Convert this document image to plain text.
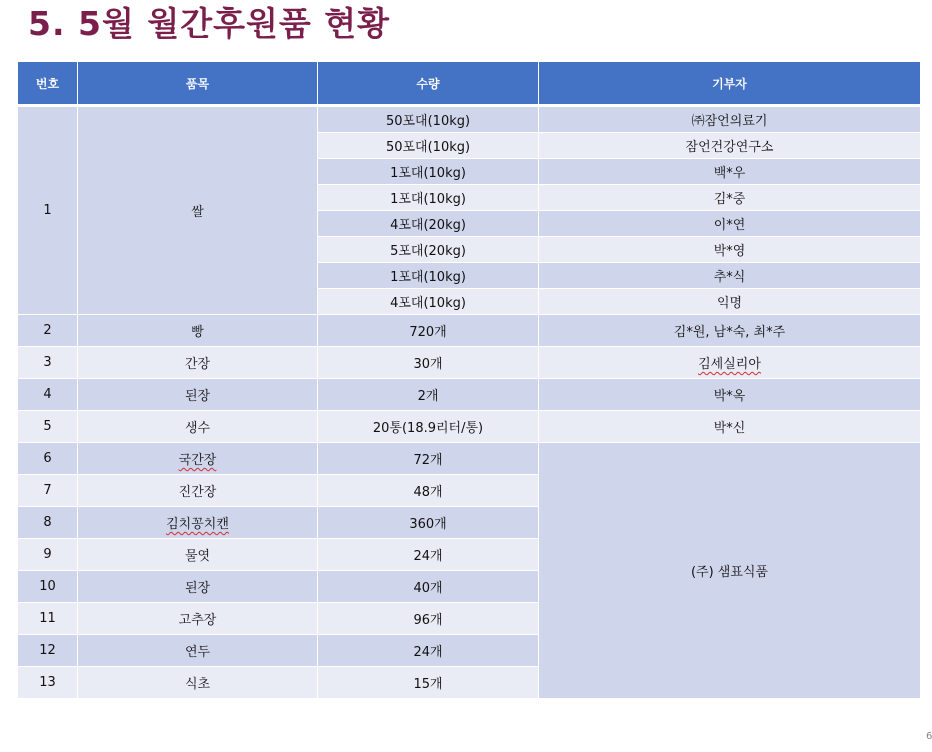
5. 5월 월간후원품 현황
번호	품목	수량	기부자
1	쌀	50포대(10kg)	㈜잠언의료기
		50포대(10kg)	잠언건강연구소
		1포대(10kg)	백*우
		1포대(10kg)	김*중
		4포대(20kg)	이*연
		5포대(20kg)	박*영
		1포대(10kg)	추*식
		4포대(10kg)	익명
2	빵	720개	김*원, 남*숙, 최*주
3	간장	30개	김세실리아
4	된장	2개	박*옥
5	생수	20통(18.9리터/통)	박*신
6	국간장	72개	(주) 샘표식품
7	진간장	48개	
8	김치꽁치캔	360개	
9	물엿	24개	
10	된장	40개	
11	고추장	96개	
12	연두	24개	
13	식초	15개	
6
